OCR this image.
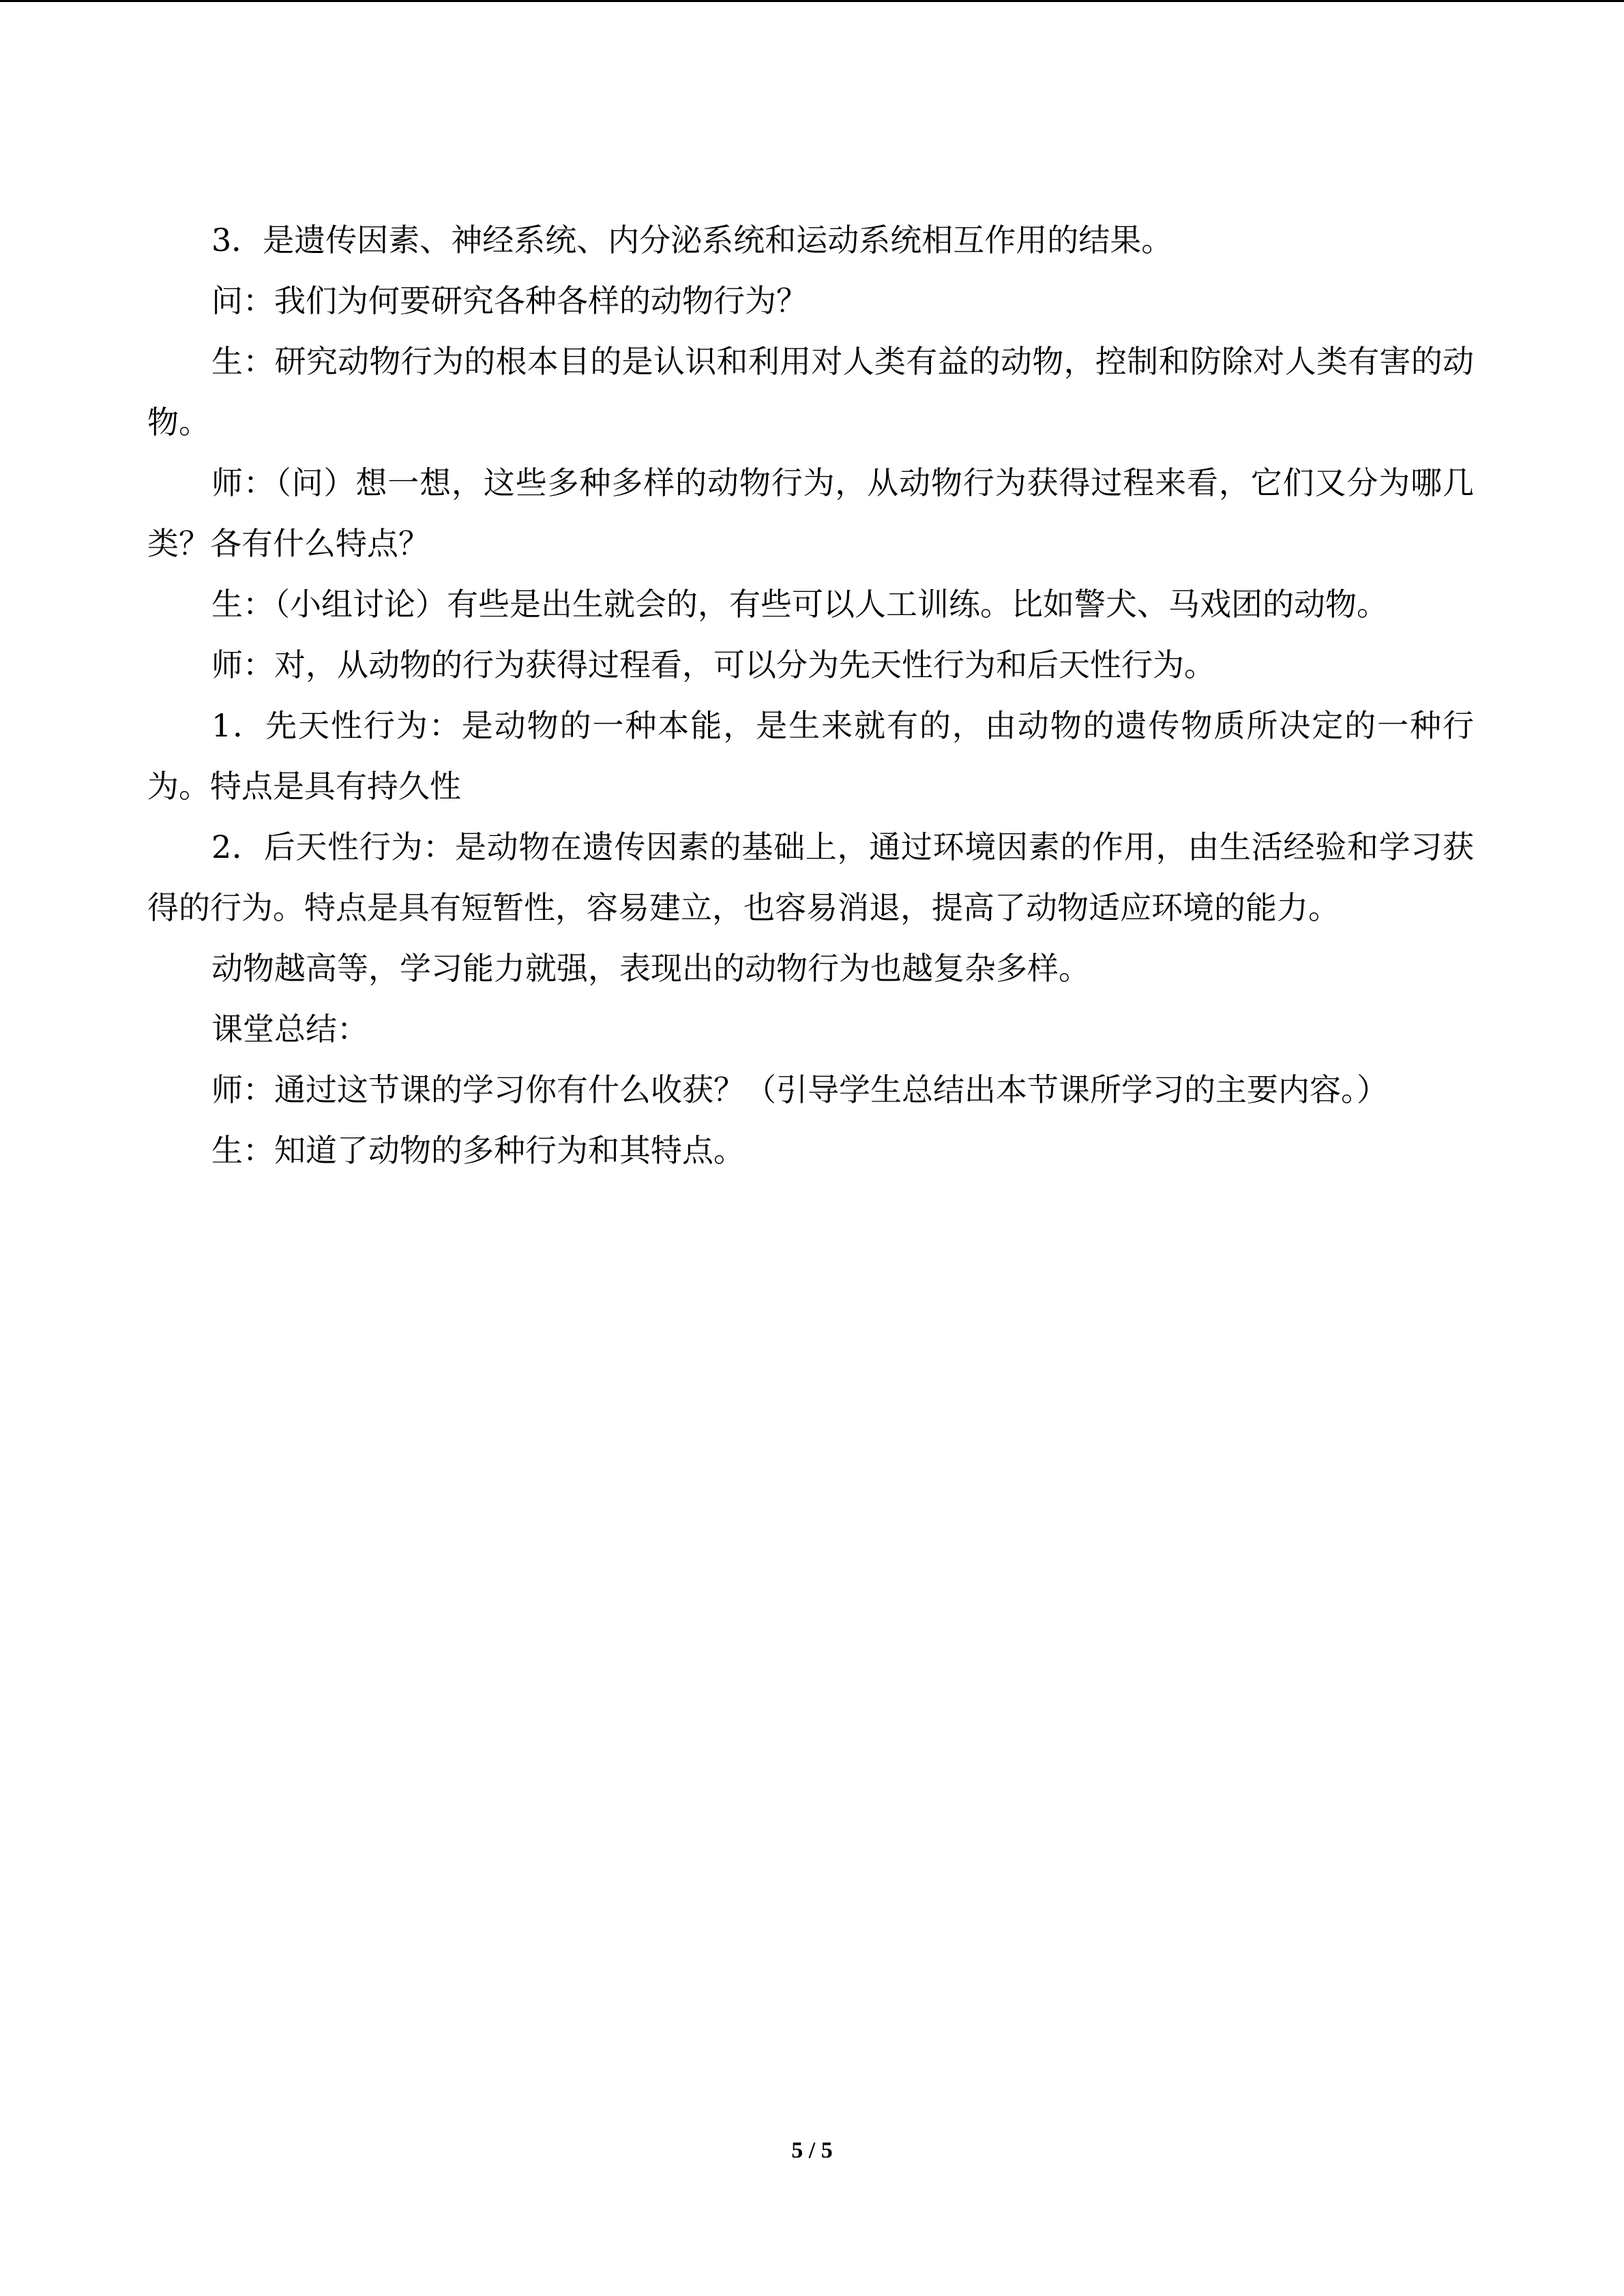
3．是遗传因素、神经系统、内分泌系统和运动系统相互作用的结果。

问：我们为何要研究各种各样的动物行为？

生：研究动物行为的根本目的是认识和利用对人类有益的动物，控制和防除对人类有害的动物。

师：（问）想一想，这些多种多样的动物行为，从动物行为获得过程来看，它们又分为哪几类？各有什么特点？

生：（小组讨论）有些是出生就会的，有些可以人工训练。比如警犬、马戏团的动物。

师：对，从动物的行为获得过程看，可以分为先天性行为和后天性行为。

1．先天性行为：是动物的一种本能，是生来就有的，由动物的遗传物质所决定的一种行为。特点是具有持久性

2．后天性行为：是动物在遗传因素的基础上，通过环境因素的作用，由生活经验和学习获得的行为。特点是具有短暂性，容易建立，也容易消退，提高了动物适应环境的能力。

动物越高等，学习能力就强，表现出的动物行为也越复杂多样。

课堂总结：

师：通过这节课的学习你有什么收获？（引导学生总结出本节课所学习的主要内容。）

生：知道了动物的多种行为和其特点。

5 / 5
